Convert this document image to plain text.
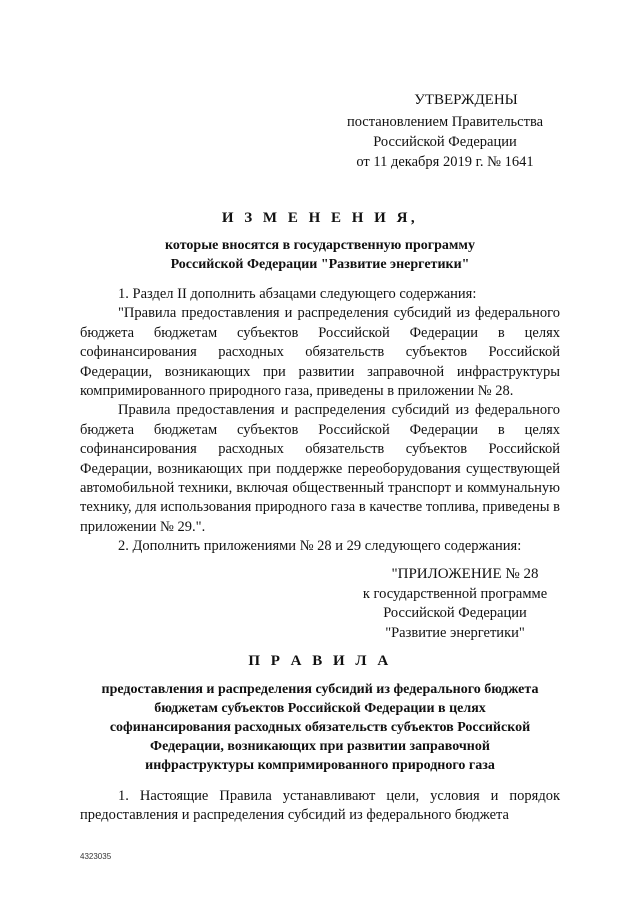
УТВЕРЖДЕНЫ
постановлением Правительства
Российской Федерации
от 11 декабря 2019 г. № 1641
И З М Е Н Е Н И Я,
которые вносятся в государственную программу
Российской Федерации "Развитие энергетики"

1. Раздел II дополнить абзацами следующего содержания:

"Правила предоставления и распределения субсидий из федерального бюджета бюджетам субъектов Российской Федерации в целях софинансирования расходных обязательств субъектов Российской Федерации, возникающих при развитии заправочной инфраструктуры компримированного природного газа, приведены в приложении № 28.

Правила предоставления и распределения субсидий из федерального бюджета бюджетам субъектов Российской Федерации в целях софинансирования расходных обязательств субъектов Российской Федерации, возникающих при поддержке переоборудования существующей автомобильной техники, включая общественный транспорт и коммунальную технику, для использования природного газа в качестве топлива, приведены в приложении № 29.".

2. Дополнить приложениями № 28 и 29 следующего содержания:

"ПРИЛОЖЕНИЕ № 28
к государственной программе
Российской Федерации
"Развитие энергетики"
П Р А В И Л А
предоставления и распределения субсидий из федерального бюджета
бюджетам субъектов Российской Федерации в целях
софинансирования расходных обязательств субъектов Российской
Федерации, возникающих при развитии заправочной
инфраструктуры компримированного природного газа

1. Настоящие Правила устанавливают цели, условия и порядок предоставления и распределения субсидий из федерального бюджета

4323035
